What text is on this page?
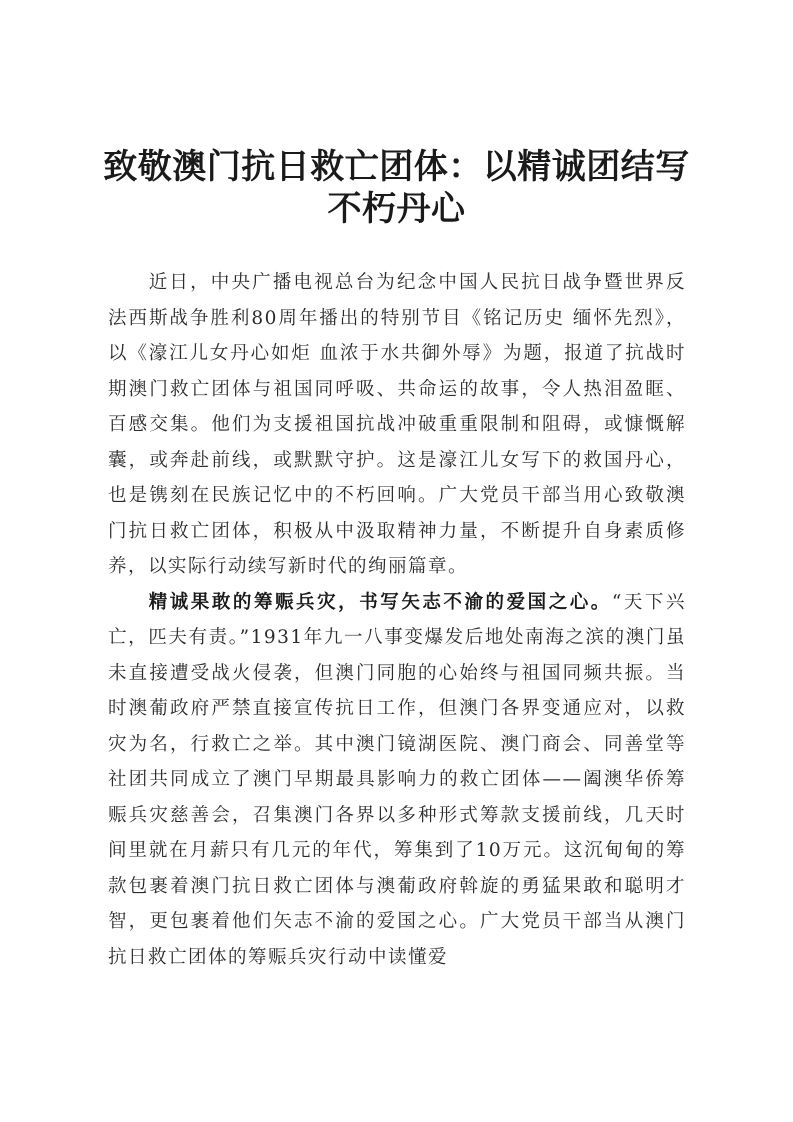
致敬澳门抗日救亡团体：以精诚团结写
不朽丹心

近日，中央广播电视总台为纪念中国人民抗日战争暨世界反法西斯战争胜利80周年播出的特别节目《铭记历史 缅怀先烈》，以《濠江儿女丹心如炬 血浓于水共御外辱》为题，报道了抗战时期澳门救亡团体与祖国同呼吸、共命运的故事，令人热泪盈眶、百感交集。他们为支援祖国抗战冲破重重限制和阻碍，或慷慨解囊，或奔赴前线，或默默守护。这是濠江儿女写下的救国丹心，也是镌刻在民族记忆中的不朽回响。广大党员干部当用心致敬澳门抗日救亡团体，积极从中汲取精神力量，不断提升自身素质修养，以实际行动续写新时代的绚丽篇章。

精诚果敢的筹赈兵灾，书写矢志不渝的爱国之心。“天下兴亡，匹夫有责。”1931年九一八事变爆发后地处南海之滨的澳门虽未直接遭受战火侵袭，但澳门同胞的心始终与祖国同频共振。当时澳葡政府严禁直接宣传抗日工作，但澳门各界变通应对，以救灾为名，行救亡之举。其中澳门镜湖医院、澳门商会、同善堂等社团共同成立了澳门早期最具影响力的救亡团体——阖澳华侨筹赈兵灾慈善会，召集澳门各界以多种形式筹款支援前线，几天时间里就在月薪只有几元的年代，筹集到了10万元。这沉甸甸的筹款包裹着澳门抗日救亡团体与澳葡政府斡旋的勇猛果敢和聪明才智，更包裹着他们矢志不渝的爱国之心。广大党员干部当从澳门抗日救亡团体的筹赈兵灾行动中读懂爱
